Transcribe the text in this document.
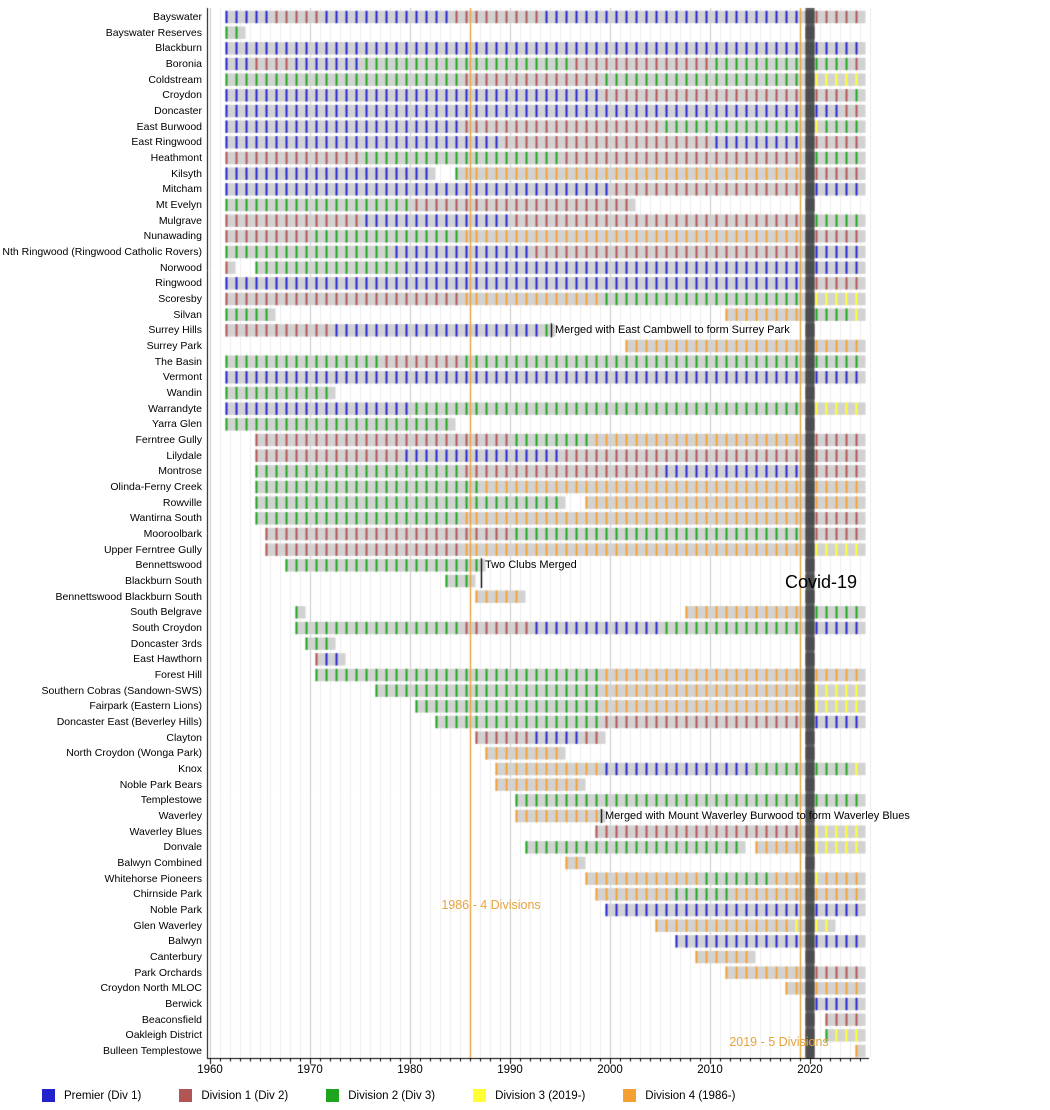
Bayswater
Bayswater Reserves
Blackburn
Boronia
Coldstream
Croydon
Doncaster
East Burwood
East Ringwood
Heathmont
Kilsyth
Mitcham
Mt Evelyn
Mulgrave
Nunawading
Nth Ringwood (Ringwood Catholic Rovers)
Norwood
Ringwood
Scoresby
Silvan
Surrey Hills
Surrey Park
The Basin
Vermont
Wandin
Warrandyte
Yarra Glen
Ferntree Gully
Lilydale
Montrose
Olinda-Ferny Creek
Rowville
Wantirna South
Mooroolbark
Upper Ferntree Gully
Bennettswood
Blackburn South
Bennettswood Blackburn South
South Belgrave
South Croydon
Doncaster 3rds
East Hawthorn
Forest Hill
Southern Cobras (Sandown-SWS)
Fairpark (Eastern Lions)
Doncaster East (Beverley Hills)
Clayton
North Croydon (Wonga Park)
Knox
Noble Park Bears
Templestowe
Waverley
Waverley Blues
Donvale
Balwyn Combined
Whitehorse Pioneers
Chirnside Park
Noble Park
Glen Waverley
Balwyn
Canterbury
Park Orchards
Croydon North MLOC
Berwick
Beaconsfield
Oakleigh District
Bulleen Templestowe
1960	1970	1980	1990	2000	2010	2020
Merged with East Cambwell to form Surrey Park
Two Clubs Merged
Merged with Mount Waverley Burwood to form Waverley Blues
Covid-19
1986 - 4 Divisions
2019 - 5 Divisions
Premier (Div 1)	Division 1 (Div 2)	Division 2 (Div 3)	Division 3 (2019-)	Division 4 (1986-)
